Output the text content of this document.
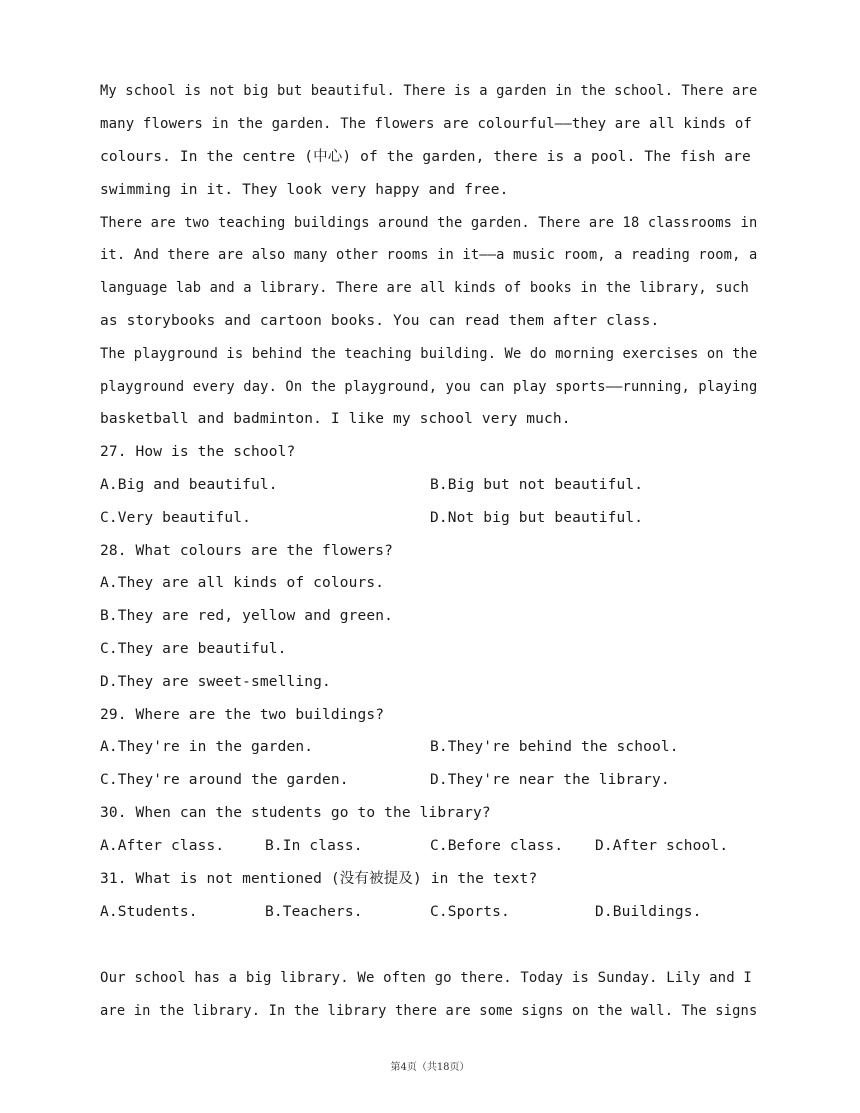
My school is not big but beautiful. There is a garden in the school. There are
many flowers in the garden. The flowers are colourful——they are all kinds of
colours. In the centre (中心) of the garden, there is a pool. The fish are
swimming in it. They look very happy and free.
There are two teaching buildings around the garden. There are 18 classrooms in
it. And there are also many other rooms in it——a music room, a reading room, a
language lab and a library. There are all kinds of books in the library, such
as storybooks and cartoon books. You can read them after class.
The playground is behind the teaching building. We do morning exercises on the
playground every day. On the playground, you can play sports——running, playing
basketball and badminton. I like my school very much.
27. How is the school?
A.Big and beautiful.	B.Big but not beautiful.
C.Very beautiful.	D.Not big but beautiful.
28. What colours are the flowers?
A.They are all kinds of colours.
B.They are red, yellow and green.
C.They are beautiful.
D.They are sweet-smelling.
29. Where are the two buildings?
A.They're in the garden.	B.They're behind the school.
C.They're around the garden.	D.They're near the library.
30. When can the students go to the library?
A.After class.	B.In class.	C.Before class. D.After school.
31. What is not mentioned (没有被提及) in the text?
A.Students.	B.Teachers.	C.Sports.	D.Buildings.
Our school has a big library. We often go there. Today is Sunday. Lily and I
are in the library. In the library there are some signs on the wall. The signs
第4页（共18页）
